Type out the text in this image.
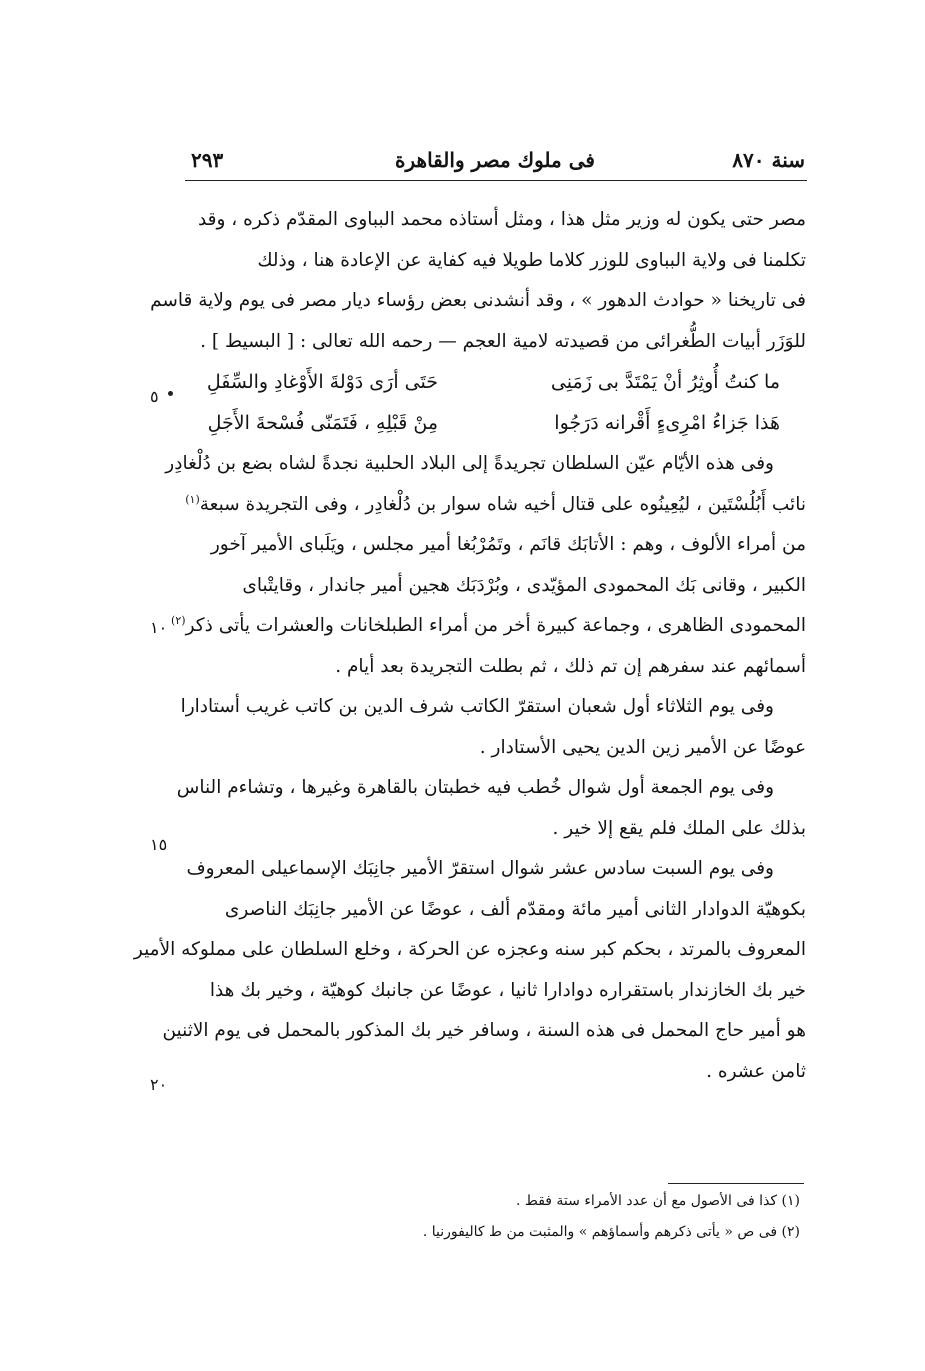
سنة ٨٧٠
فى ملوك مصر والقاهرة
٢٩٣
مصر حتى يكون له وزير مثل هذا ، ومثل أستاذه محمد البباوى المقدّم ذكره ، وقد
تكلمنا فى ولاية البباوى للوزر كلاما طويلا فيه كفاية عن الإعادة هنا ، وذلك
فى تاريخنا « حوادث الدهور » ، وقد أنشدنى بعض رؤساء ديار مصر فى يوم ولاية قاسم
للوَزَر أبيات الطُّغرائى من قصيدته لامية العجم — رحمه الله تعالى : [ البسيط ] .
ما كنتُ أُوثِرُ أنْ يَمْتَدَّ بى زَمَنِى
حَتَى أرَى دَوْلةَ الأَوْغادِ والسِّفَلِ
هَذا جَزاءُ امْرِىءٍ أَقْرانه دَرَجُوا
مِنْ قَبْلِهِ ، فَتَمَنّى فُسْحةَ الأَجَلِ
وفى هذه الأيّام عيّن السلطان تجريدةً إلى البلاد الحلبية نجدةً لشاه بضع بن دُلْغادِر
نائب أَبُلُسْتَين ، ليُعِينُوه على قتال أخيه شاه سوار بن دُلْغادِر ، وفى التجريدة سبعة$^{(١)}$
من أمراء الألوف ، وهم : الأتابَك قانَم ، وتَمُرْبُغا أمير مجلس ، ويَلَباى الأمير آخور
الكبير ، وقانى بَك المحمودى المؤيّدى ، وبُرْدَبَك هجين أمير جاندار ، وقايتْباى
المحمودى الظاهرى ، وجماعة كبيرة أخر من أمراء الطبلخانات والعشرات يأتى ذكر$^{(٢)}$
أسمائهم عند سفرهم إن تم ذلك ، ثم بطلت التجريدة بعد أيام .
وفى يوم الثلاثاء أول شعبان استقرّ الكاتب شرف الدين بن كاتب غريب أستادارا
عوضًا عن الأمير زين الدين يحيى الأستادار .
وفى يوم الجمعة أول شوال خُطب فيه خطبتان بالقاهرة وغيرها ، وتشاءم الناس
بذلك على الملك فلم يقع إلا خير .
وفى يوم السبت سادس عشر شوال استقرّ الأمير جانِبَك الإسماعيلى المعروف
بكوهيّة الدوادار الثانى أمير مائة ومقدّم ألف ، عوضًا عن الأمير جانِبَك الناصرى
المعروف بالمرتد ، بحكم كبر سنه وعجزه عن الحركة ، وخلع السلطان على مملوكه الأمير
خير بك الخازندار باستقراره دوادارا ثانيا ، عوضًا عن جانبك كوهيّة ، وخير بك هذا
هو أمير حاج المحمل فى هذه السنة ، وسافر خير بك المذكور بالمحمل فى يوم الاثنين
ثامن عشره .
٥
١٠
١٥
٢٠
(١) كذا فى الأصول مع أن عدد الأمراء ستة فقط .
(٢) فى ص « يأتى ذكرهم وأسماؤهم » والمثبت من ط كاليفورنيا .
